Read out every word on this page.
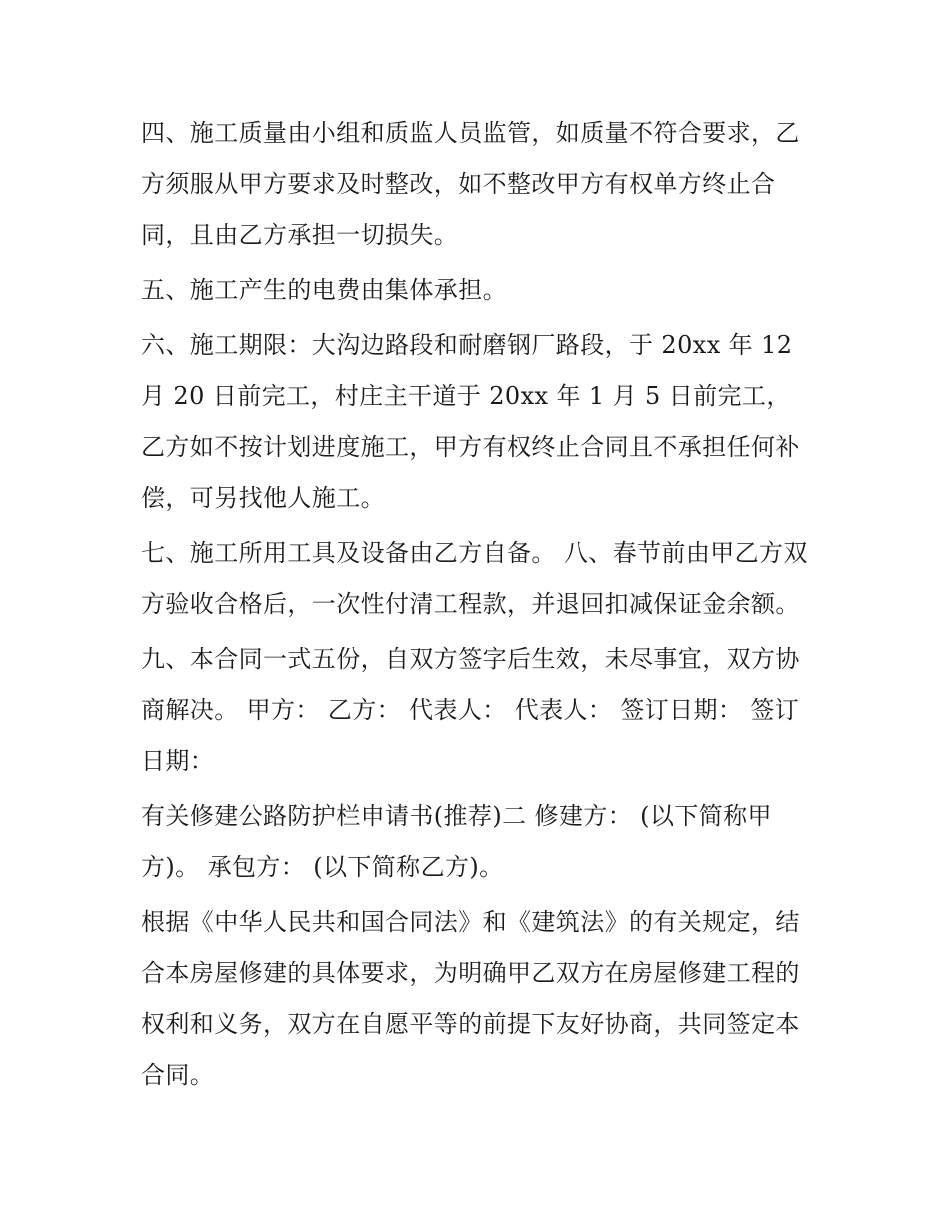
四、施工质量由小组和质监人员监管，如质量不符合要求，乙方须服从甲方要求及时整改，如不整改甲方有权单方终止合同，且由乙方承担一切损失。

五、施工产生的电费由集体承担。

六、施工期限：大沟边路段和耐磨钢厂路段，于 20xx 年 12 月 20 日前完工，村庄主干道于 20xx 年 1 月 5 日前完工，乙方如不按计划进度施工，甲方有权终止合同且不承担任何补偿，可另找他人施工。

七、施工所用工具及设备由乙方自备。 八、春节前由甲乙方双方验收合格后，一次性付清工程款，并退回扣减保证金余额。

九、本合同一式五份，自双方签字后生效，未尽事宜，双方协商解决。 甲方： 乙方： 代表人： 代表人： 签订日期： 签订日期：

有关修建公路防护栏申请书(推荐)二 修建方： (以下简称甲方)。 承包方： (以下简称乙方)。

根据《中华人民共和国合同法》和《建筑法》的有关规定，结合本房屋修建的具体要求，为明确甲乙双方在房屋修建工程的权利和义务，双方在自愿平等的前提下友好协商，共同签定本合同。
